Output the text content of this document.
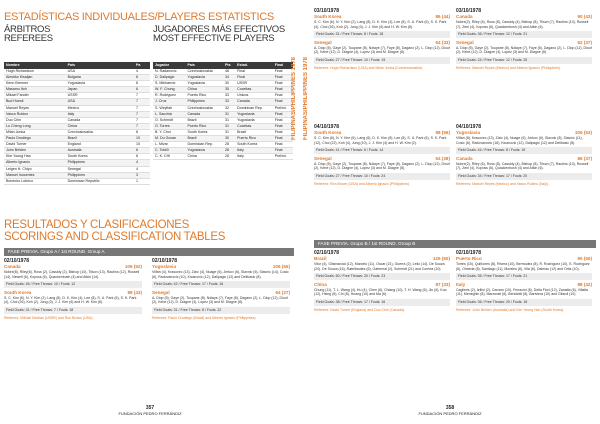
ESTADÍSTICAS INDIVIDUALES/PLAYERS ESTATISTICS
ÁRBITROS
REFEREES
Nombre	País	Pa
Hugh Richardson	USA	4
Aleshko Kisaljan	Bulgaria	6
Kenn Brenner	Yugoslavia	6
Masamu Itoh	Japan	6
Mikael Fander	USSR	7
Bud Hoesli	USA	7
Manuel Reyes	Mexico	7
Vasco Rubino	Italy	7
Duo Chin	Canada	7
Lu Cheng Long	China	7
Milan Junka	Czechoslovakia	6
Paulo Drudiego	Brazil	10
David Turner	England	10
John Belden	Australia	6
Kim Young Han	South Korea	6
Alberto Ignacio	Philippines	4
Leigen H. Chiyo	Senegal	4
Manuel Inocentes	Philippines	3
Boneciro Lobrico	Dominican Republic	1
JUGADORES MÁS EFECTIVOS
MOST EFFECTIVE PLAYERS
Jugador	País	Pts	Estad.	Final
N. Radanovic	Czechoslovakia	46	Final	Final
D. Dalipagic	Yugoslavia	34	Final	Final
S. Mikhaevic	Yugoslavia	30	USSR	Final
W. F. Chung	China	35	Coceitas.	Final
R. Rodriguez	Puerto Rico	33	Unicos.	Final
J. Cruz	Philippines	33	Canada	Final
S. Weyllah	Czechoslovakia	32	Dominican Rep.	Prelimi.
L. Sacchia	Canada	31	Yugoslavia	Final
O. Schmidt	Brazil	31	Yugoslavia	Final
O. Torres	Puerto Rico	31	Coceitas.	Final
B. Y. Choi	South Korea	31	Brazil	Final
M. Du Govan	Brazil	30	Puerto Rico	Final
L. Mivar	Dominican Rep.	28	South Korea	Final
C. Tobilli	Yugoslavia	28	Italy	Final
C. K. CHI	China	28	Italy	Prelimi.
RESULTADOS Y CLASIFICACIONES
SCORINGS AND CLASSIFICATION TABLES
FASE PREVIA. Grupo A / 1st ROUND. Group A
02/10/1978
Canada	106 (52)
Nobre(8), Riley(6), Ross (2), Cassidy (2), Bishop (10), Tilson (13), Rautins (12), Russell (14), Newell (6), Koposs (6), Quackenbush (4) and Atkin (14).
Field Goals: 46 / Free Throws: 10 / Fouls: 12
South Korea	88 (43)
S. C. Kim (6), N. Y. Kim (2), Lang (8), D. K. Kim (4), Lee (8), S. U. Park (6), S. K. Park (4), Choi (26), Koh (2), Jung (0), J. J. Kim (6) and H. W. Kim (8).
Field Goals: 31 / Free Throws: 7 / Fouls: 18
Referees: Mikhail Davtian (USSR) and Ron Brown (USA).
02/10/1978
Yugoslavia	106 (55)
Vilfan (4), Krasovec (13), Zizic (4), Nuage (6), Jerkov (6), Slavnic (6), Slavnic (14), Cosic (6), Radovanovic (10), Kicanovic (12), Dalipagic (12) and Delibasic (8).
Field Goals: 42 / Free Throws: 17 / Fouls: 16
Senegal	64 (27)
A. Diop (5), Gaye (2), Toupane (8), Ndiaye (7), Faye (8), Dagano (2), L. Diop (12), Diouf (2), Kebe (12), D. Diagne (4), Lopez (3) and M. Diagne (8).
Field Goals: 31 / Free Throws: 8 / Fouls: 22
Referees: Paulo Drudiego (Brazil) and Alberto Ignacio (Philippines).
357
FUNDACIÓN PEDRO FERRÁNDIZ
FILIPINAS/PHILIPPINES 1978 FILIPINAS/PHILIPPINES 1978
03/10/1978
South Korea	86 (44)
S. C. Kim (6), N. Y. Kim (2), Lang (8), D. K. Kim (4), Lee (8), S. U. Park (6), S. K. Park (4), Choi (26), Koh (2), Jung (0), J. J. Kim (6) and H. W. Kim (8).
Field Goals: 31 / Free Throws: 8 / Fouls: 18
Senegal	64 (33)
A. Diop (5), Gaye (2), Toupane (8), Ndiaye (7), Faye (8), Dagano (2), L. Diop (12), Diouf (2), Kebe (12), D. Diagne (4), Lopez (3) and M. Diagne (8).
Field Goals: 27 / Free Throws: 10 / Fouls: 19
Referees: Hugh Richardson (USA) and Milan Junka (Czechoslovakia).
03/10/1978
Canada	90 (43)
Nobre(2), Riley (6), Ross (8), Cassidy (4), Bishop (8), Tilson (7), Rautins (10), Russell (7), Zeni (4), Koposs (6), Quackenbush (4) and Atkin (6).
Field Goals: 36 / Free Throws: 12 / Fouls: 21
Senegal	62 (37)
A. Diop (5), Gaye (2), Toupane (8), Ndiaye (7), Faye (8), Dagano (2), L. Diop (12), Diouf (2), Kebe (12), D. Diagne (4), Lopez (3) and M. Diagne (8).
Field Goals: 24 / Free Throws: 12 / Fouls: 25
Referees: Manuel Reyes (Mexico) and Alberto Ignacio (Philippines).
04/10/1978
South Korea	88 (56)
S. C. Kim (6), N. Y. Kim (6), Lang (6), D. K. Kim (8), Lee (8), S. U. Park (6), S. K. Park (12), Choi (22), Koh (4), Jung (10), J. J. Kim (4) and H. W. Kim (2).
Field Goals: 41 / Free Throws: 6 / Fouls: 14
Senegal	64 (38)
A. Diop (5), Gaye (2), Toupane (8), Ndiaye (7), Faye (8), Dagano (2), L. Diop (12), Diouf (2), Kebe (12), D. Diagne (4), Lopez (3) and M. Diagne (8).
Field Goals: 27 / Free Throws: 10 / Fouls: 24
Referees: Ron Brown (USA) and Alberto Ignacio (Philippines).
04/10/1978
Yugoslavia	105 (53)
Vilfan (8), Krasovec (13), Zizic (4), Nuage (6), Jerkov (6), Slavnic (8), Slavnic (11), Cosic (6), Radovanovic (16), Kicanovic (12), Dalipagic (12) and Delibasic (8).
Field Goals: 44 / Free Throws: 8 / Fouls: 19
Canada	86 (37)
Nobre(2), Riley (6), Ross (8), Cassidy (4), Bishop (8), Tilson (7), Rautins (10), Russell (7), Zeni (4), Koposs (6), Quackenbush (4) and Atkin (6).
Field Goals: 34 / Free Throws: 17 / Fouls: 20
Referees: Manuel Reyes (Mexico) and Vasco Rubino (Italy).
FASE PREVIA. Grupo B / 1st ROUND. Group B
02/10/1978
Brazil	126 (60)
Vitor (4), Gilsmarcial (12), Marcelo (11), Oscar (21), Guerra (2), Leilo (14), De Souza (20), De Souza (16), Ratelbautes (6), Gabernal (2), Schmidt (21) and Cornea (10).
Field Goals: 60 / Free Throws: 20 / Fouls: 23
China	87 (33)
Chung (11), T. L. Wang (4), Hu (4), Chen (6), Chiang (10), T. H. Wang (6), Jin (6), Kuo (12), Hsing (6), Chi (8), Huang (10) and Ma (6).
Field Goals: 38 / Free Throws: 17 / Fouls: 16
Referees: David Turner (England) and Duo Chin (Canada).
02/10/1978
Puerto Rico	90 (50)
Torres (15), Quiñones (8), Rivera (10), Bermúdez (8), R. Rodríguez (10), E. Rodríguez (6), Olmeda (8), Santiago (11), Morales (6), Vilá (6), Dalmau (12) and Ortiz (10).
Field Goals: 35 / Free Throws: 17 / Fouls: 21
Italy	88 (42)
Caglieris (2), Iellini (2), Carraro (10), Ferracini (6), Della Fiori (12), Zanatta (6), Villalta (11), Meneghin (8), Marzorati (6), Bertolotti (8), Bariviera (10) and Gilardi (10).
Field Goals: 36 / Free Throws: 20 / Fouls: 18
Referees: John Belden (Australia) and Kim Young Han (South Korea).
358
FUNDACIÓN PEDRO FERRÁNDIZ
